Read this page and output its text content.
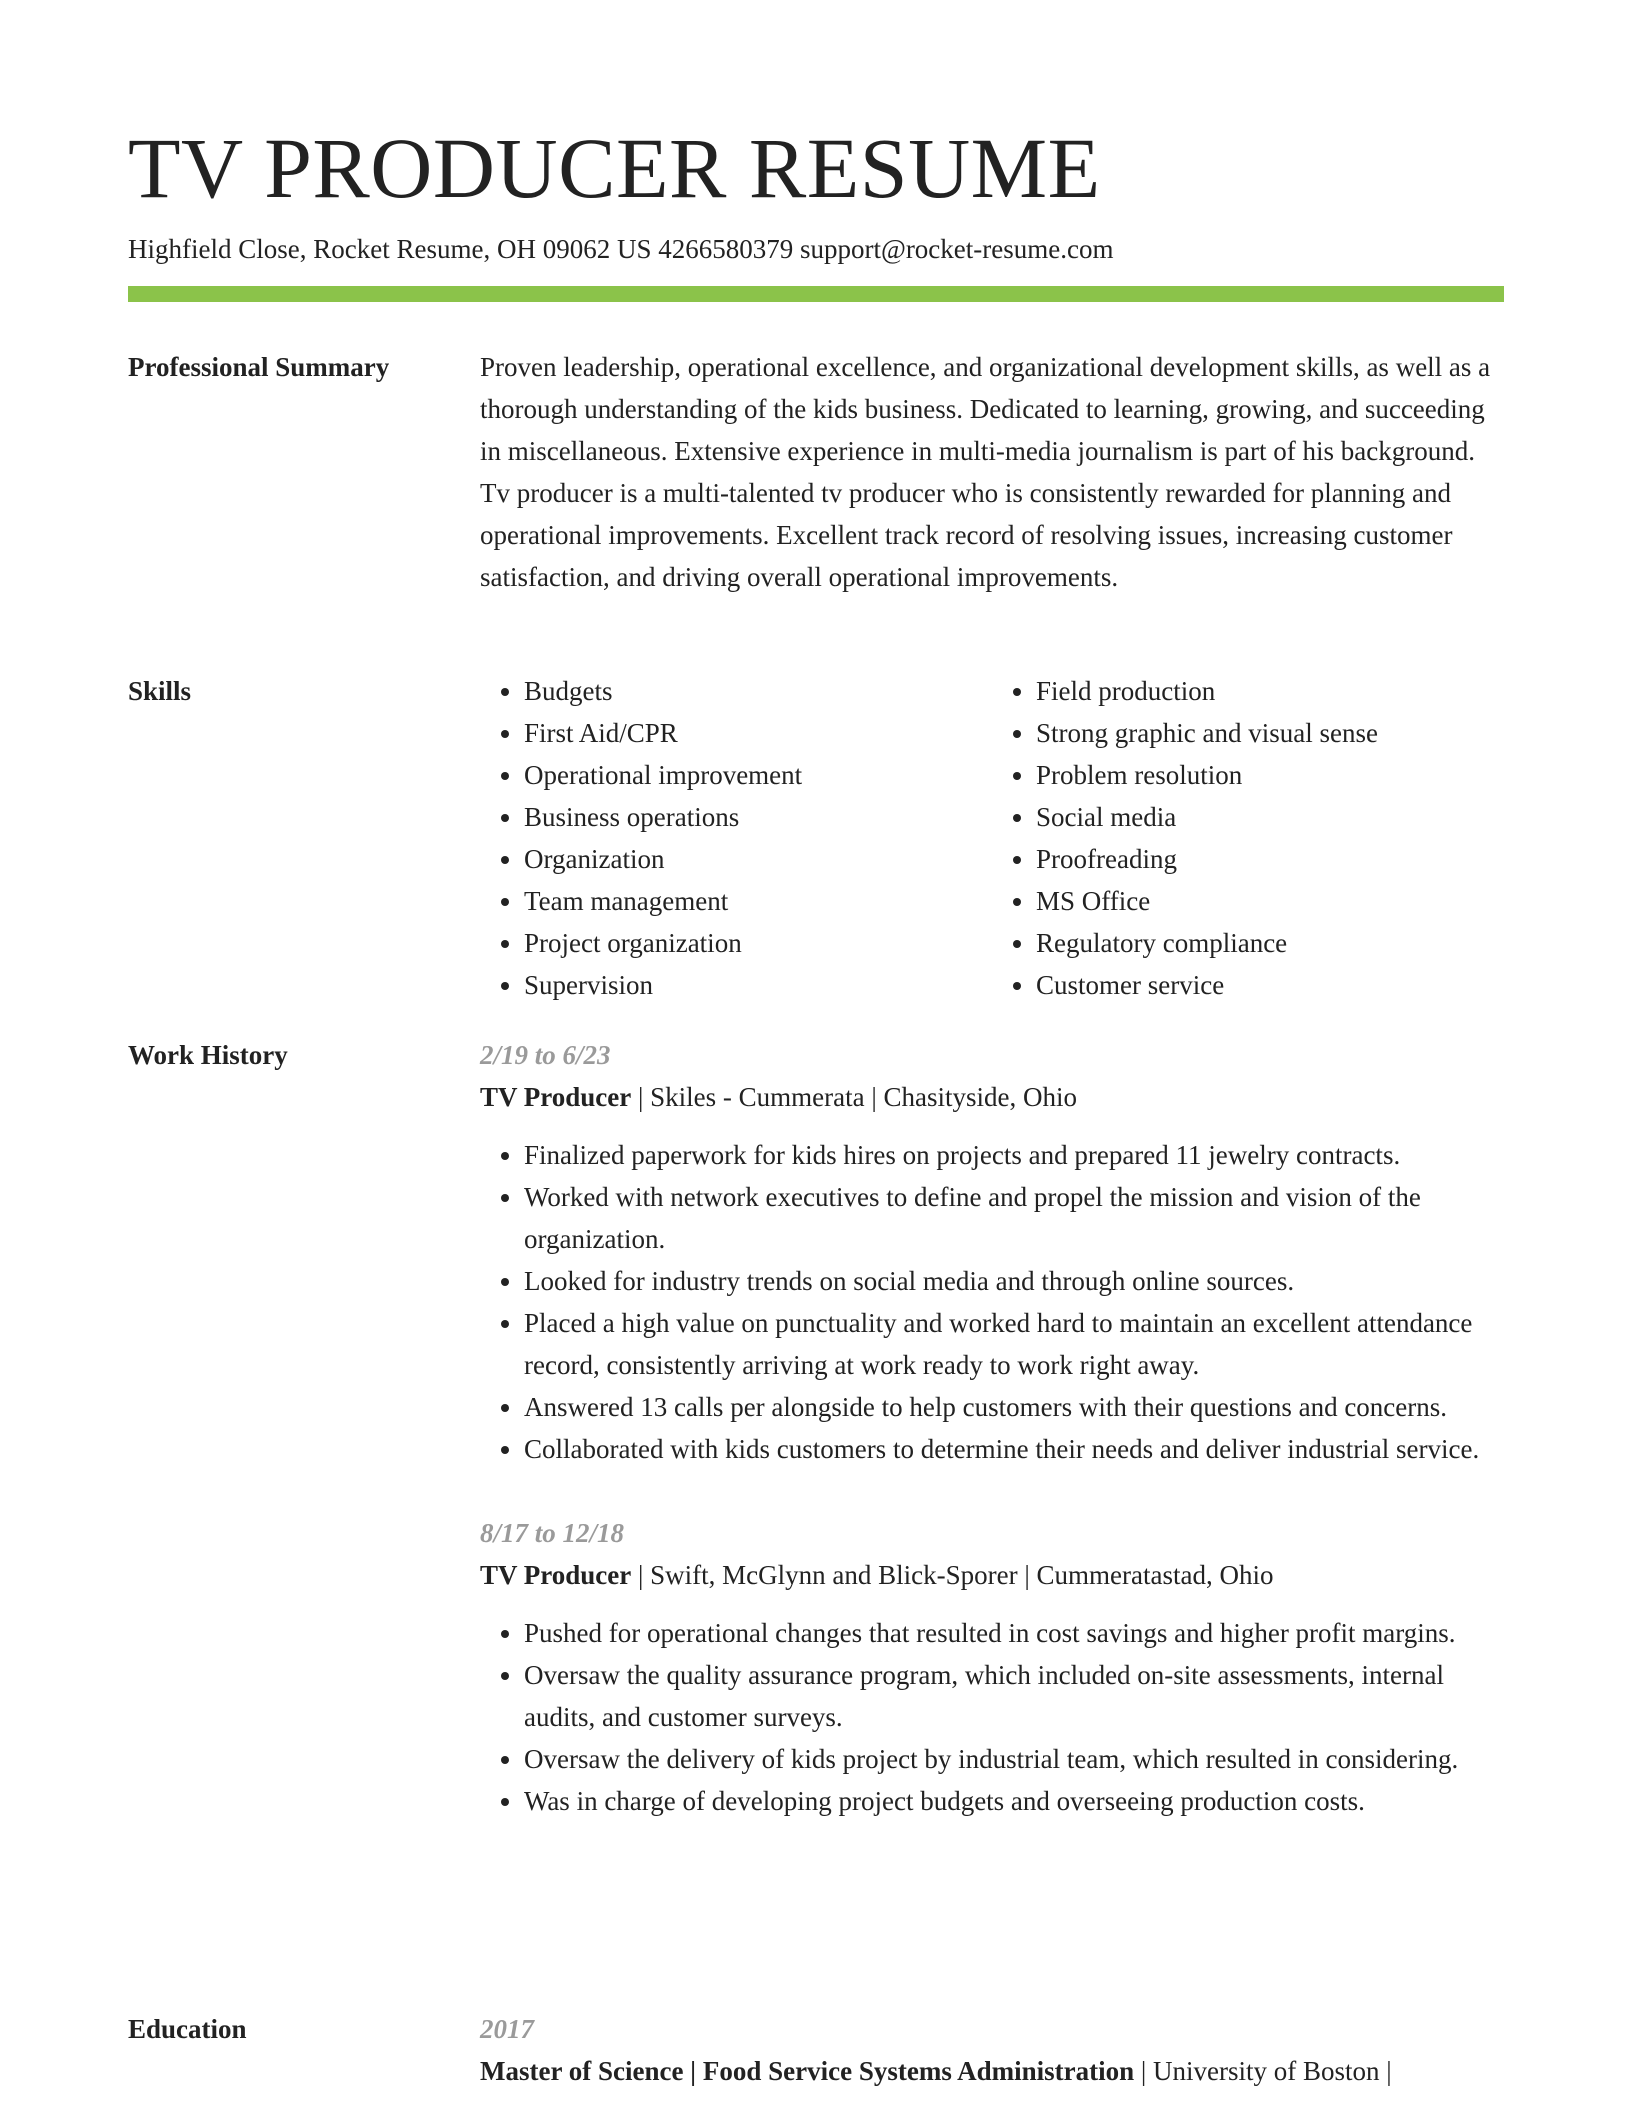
TV PRODUCER RESUME
Highfield Close, Rocket Resume, OH 09062 US 4266580379 support@rocket-resume.com
Professional Summary	Proven leadership, operational excellence, and organizational development skills, as well as a thorough understanding of the kids business. Dedicated to learning, growing, and succeeding in miscellaneous. Extensive experience in multi-media journalism is part of his background. Tv producer is a multi-talented tv producer who is consistently rewarded for planning and operational improvements. Excellent track record of resolving issues, increasing customer satisfaction, and driving overall operational improvements.

Skills
•	Budgets
• First Aid/CPR
• Operational improvement
• Business operations
• Organization
• Team management
• Project organization
• Supervision
• Field production
• Strong graphic and visual sense
• Problem resolution
• Social media
• Proofreading
• MS Office
• Regulatory compliance
• Customer service
Work History	2/19 to 6/23
TV Producer | Skiles - Cummerata | Chasityside, Ohio
• Finalized paperwork for kids hires on projects and prepared 11 jewelry contracts.
• Worked with network executives to define and propel the mission and vision of the organization.
• Looked for industry trends on social media and through online sources.
• Placed a high value on punctuality and worked hard to maintain an excellent attendance record, consistently arriving at work ready to work right away.
• Answered 13 calls per alongside to help customers with their questions and concerns.
• Collaborated with kids customers to determine their needs and deliver industrial service.
8/17 to 12/18
TV Producer | Swift, McGlynn and Blick-Sporer | Cummeratastad, Ohio
• Pushed for operational changes that resulted in cost savings and higher profit margins.
• Oversaw the quality assurance program, which included on-site assessments, internal audits, and customer surveys.
• Oversaw the delivery of kids project by industrial team, which resulted in considering.
• Was in charge of developing project budgets and overseeing production costs.
Education	2017
Master of Science | Food Service Systems Administration | University of Boston |
